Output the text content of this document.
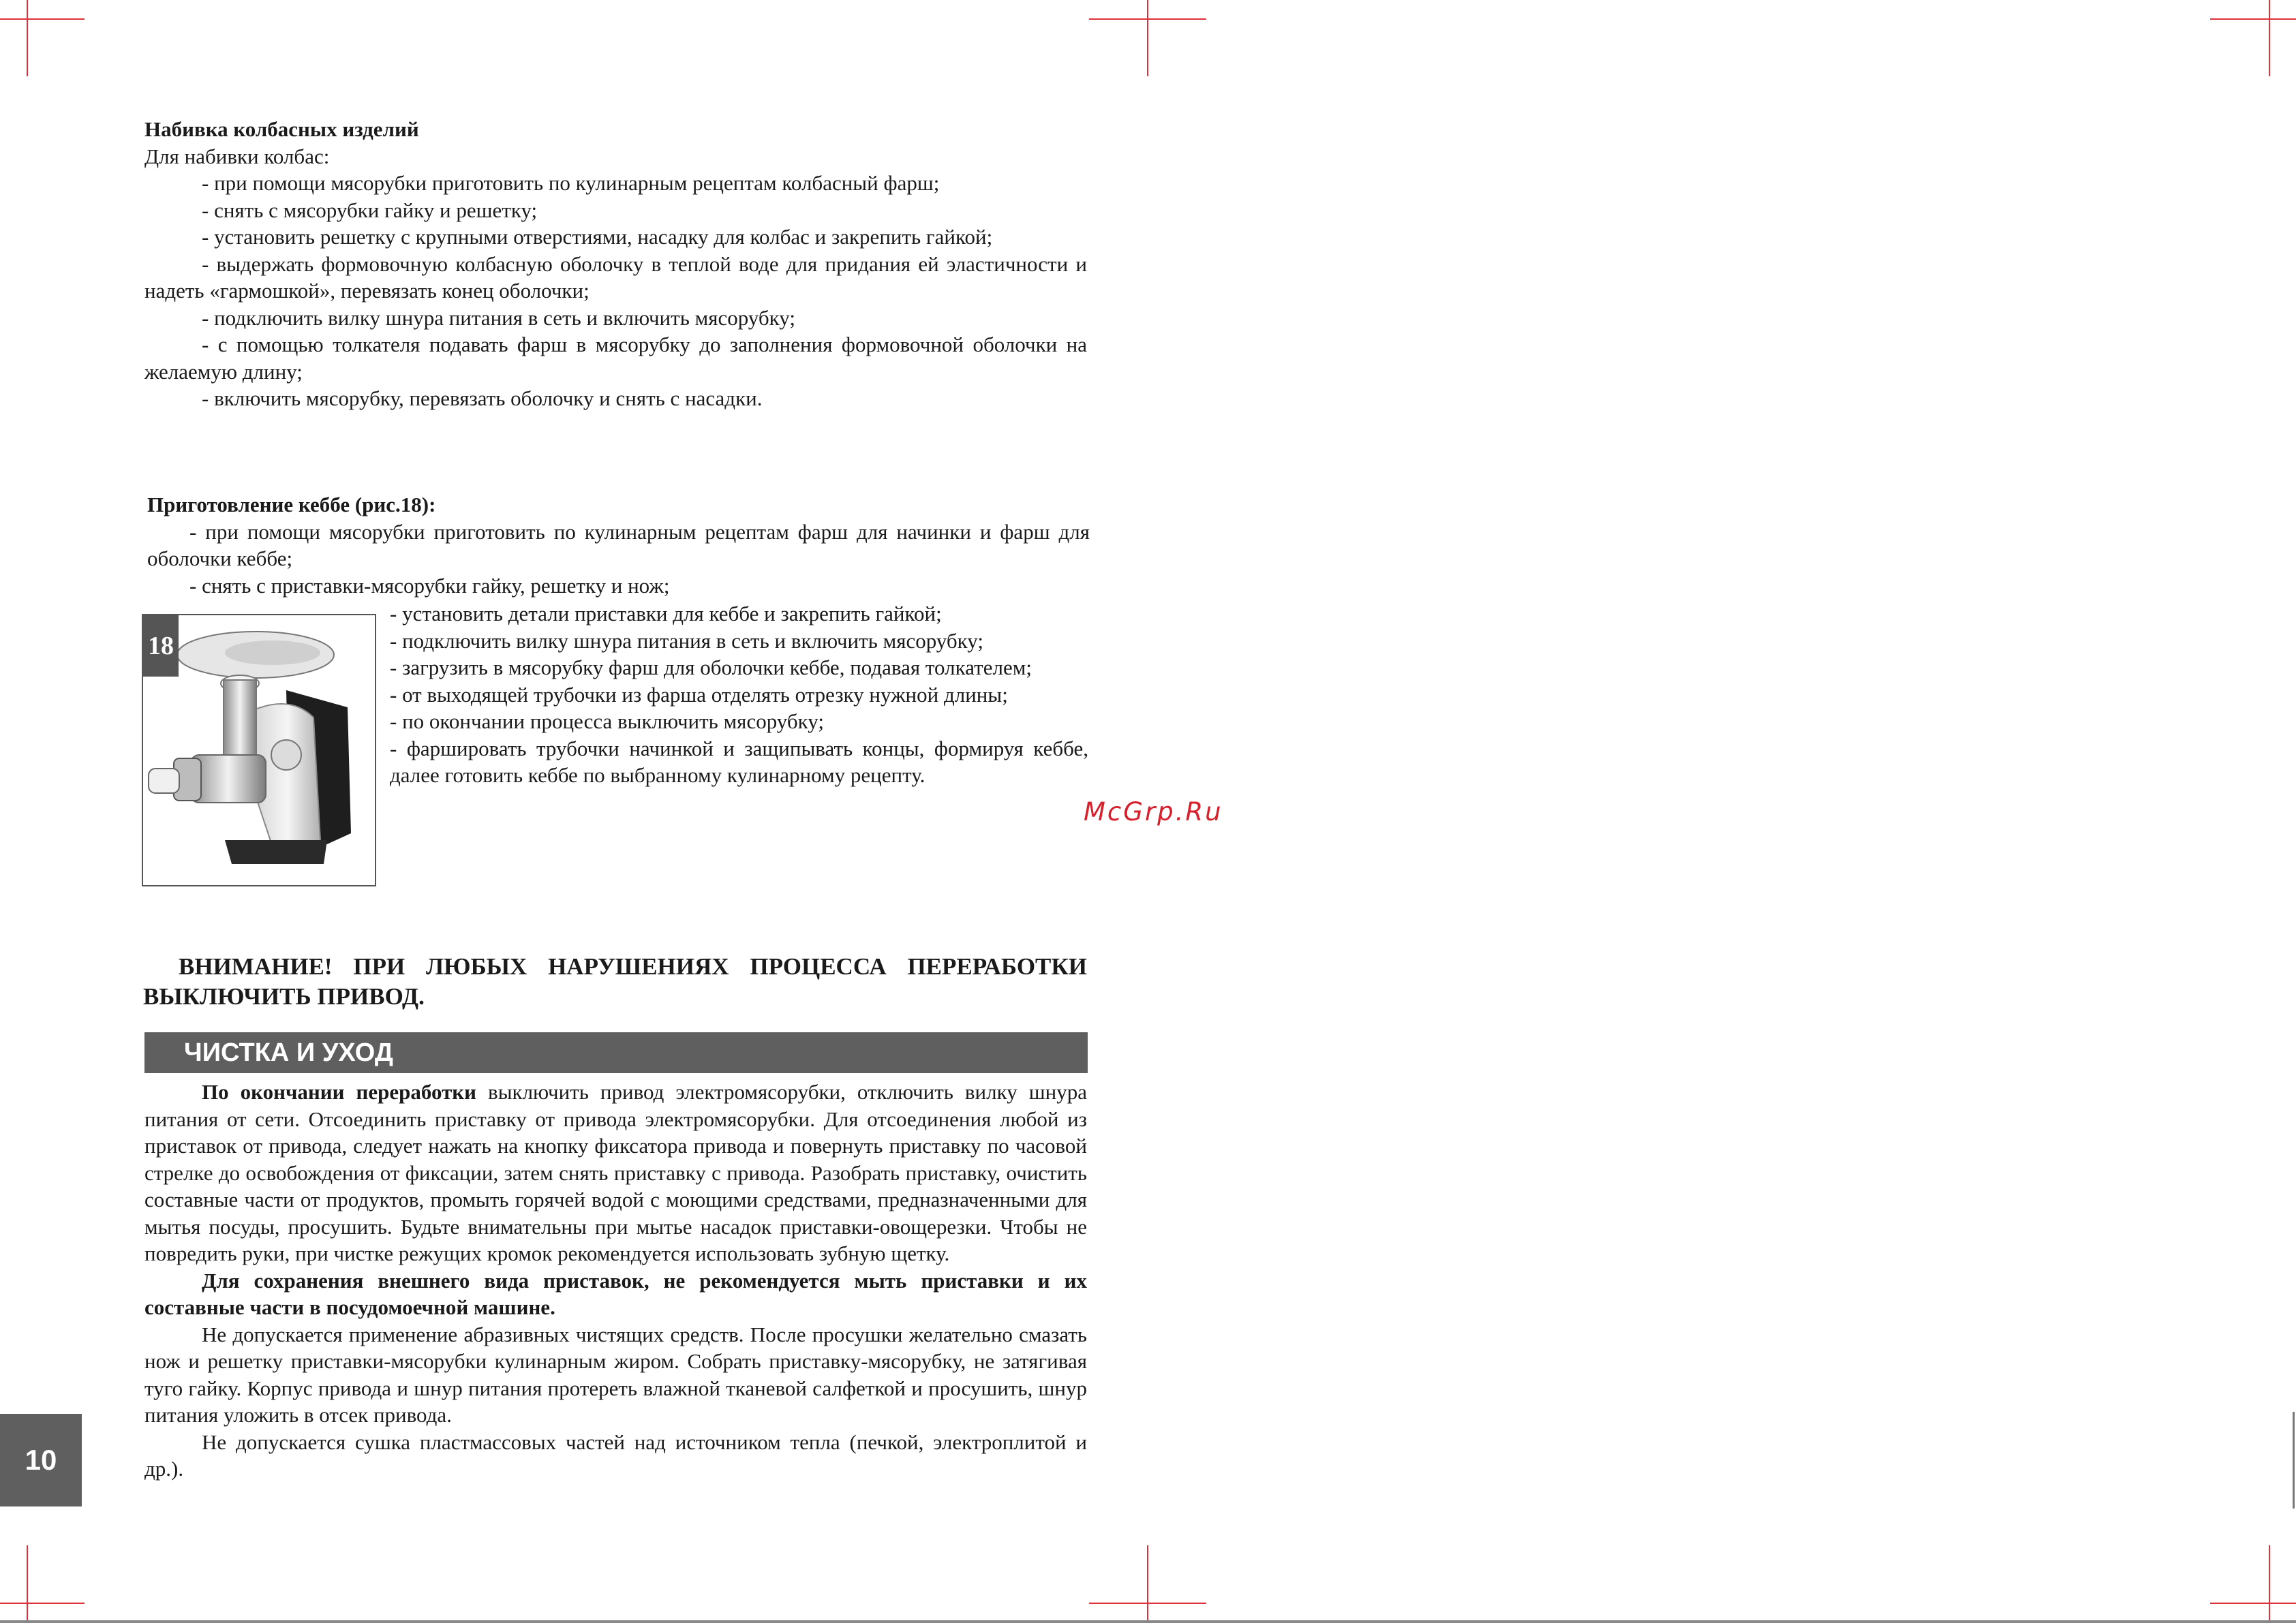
Набивка колбасных изделий

Для набивки колбас:

- при помощи мясорубки приготовить по кулинарным рецептам колбасный фарш;

- снять с мясорубки гайку и решетку;

- установить решетку с крупными отверстиями, насадку для колбас и закрепить гайкой;

- выдержать формовочную колбасную оболочку в теплой воде для придания ей эластичности и надеть «гармошкой», перевязать конец оболочки;

- подключить вилку шнура питания в сеть и включить мясорубку;

- с помощью толкателя подавать фарш в мясорубку до заполнения формовочной оболочки на желаемую длину;

- включить мясорубку, перевязать оболочку и снять с насадки.

Приготовление кеббе (рис.18):

- при помощи мясорубки приготовить по кулинарным рецептам фарш для начинки и фарш для оболочки кеббе;

- снять с приставки-мясорубки гайку, решетку и нож;

- установить детали приставки для кеббе и закрепить гайкой;

- подключить вилку шнура питания в сеть и включить мясорубку;

- загрузить в мясорубку фарш для оболочки кеббе, подавая толкателем;

- от выходящей трубочки из фарша отделять отрезку нужной длины;

- по окончании процесса выключить мясорубку;

- фаршировать трубочки начинкой и защипывать концы, формируя кеббе, далее готовить кеббе по выбранному кулинарному рецепту.

18
ВНИМАНИЕ! ПРИ ЛЮБЫХ НАРУШЕНИЯХ ПРОЦЕССА ПЕРЕРАБОТКИ ВЫКЛЮЧИТЬ ПРИВОД.
ЧИСТКА И УХОД

По окончании переработки выключить привод электромясорубки, отключить вилку шнура питания от сети. Отсоединить приставку от привода электромясорубки. Для отсоединения любой из приставок от привода, следует нажать на кнопку фиксатора привода и повернуть приставку по часовой стрелке до освобождения от фиксации, затем снять приставку с привода. Разобрать приставку, очистить составные части от продуктов, промыть горячей водой с моющими средствами, предназначенными для мытья посуды, просушить. Будьте внимательны при мытье насадок приставки-овощерезки. Чтобы не повредить руки, при чистке режущих кромок рекомендуется использовать зубную щетку.

Для сохранения внешнего вида приставок, не рекомендуется мыть приставки и их составные части в посудомоечной машине.

Не допускается применение абразивных чистящих средств. После просушки желательно смазать нож и решетку приставки-мясорубки кулинарным жиром. Собрать приставку-мясорубку, не затягивая туго гайку. Корпус привода и шнур питания протереть влажной тканевой салфеткой и просушить, шнур питания уложить в отсек привода.

Не допускается сушка пластмассовых частей над источником тепла (печкой, электроплитой и др.).

10
McGrp.Ru
